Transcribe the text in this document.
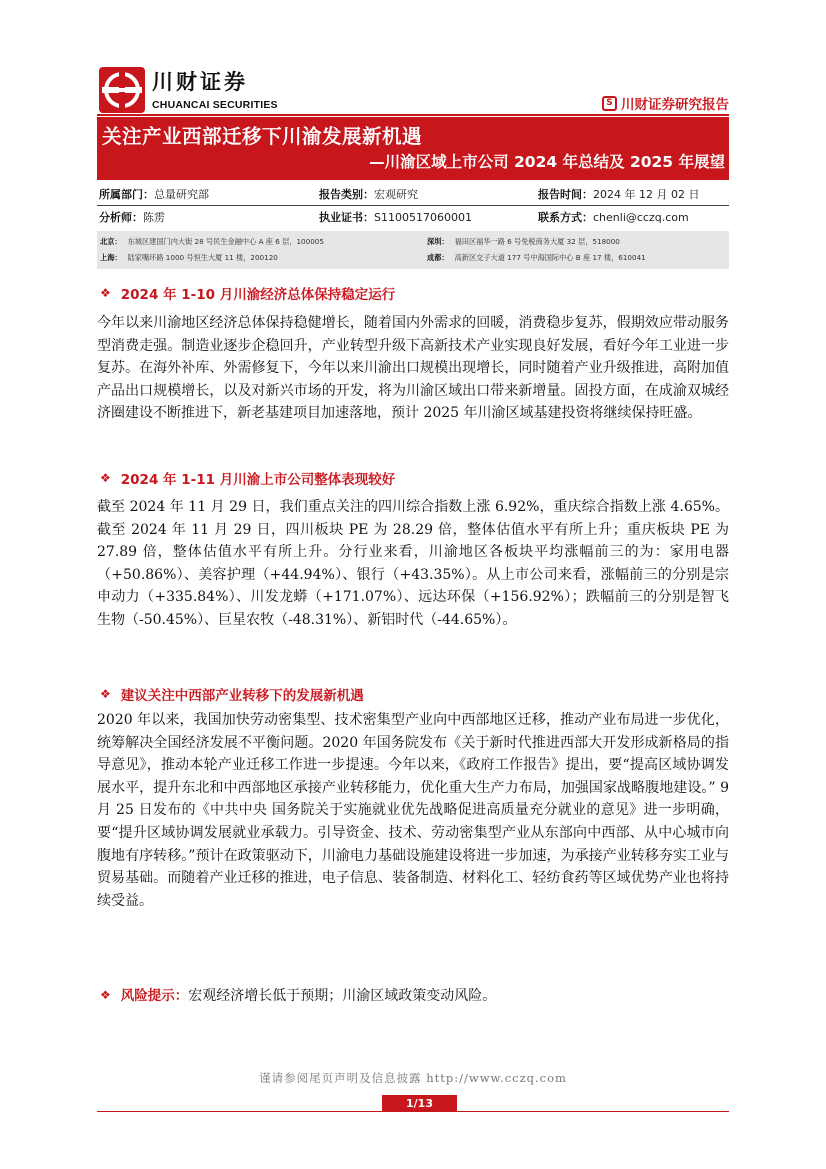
川财证券
CHUANCAI SECURITIES	S 川财证券研究报告
关注产业西部迁移下川渝发展新机遇
—川渝区域上市公司 2024 年总结及 2025 年展望
所属部门：总量研究部	报告类别：宏观研究	报告时间：2024 年 12 月 02 日
分析师：陈雳	执业证书：S1100517060001	联系方式：chenli@cczq.com
北京： 东城区建国门内大街 28 号民生金融中心 A 座 6 层，100005	深圳： 福田区福华一路 6 号免税商务大厦 32 层，518000
上海： 陆家嘴环路 1000 号恒生大厦 11 楼，200120	成都： 高新区交子大道 177 号中海国际中心 B 座 17 楼，610041
❖ 2024 年 1-10 月川渝经济总体保持稳定运行
今年以来川渝地区经济总体保持稳健增长，随着国内外需求的回暖，消费稳步复苏，假期效应带动服务型消费走强。制造业逐步企稳回升，产业转型升级下高新技术产业实现良好发展，看好今年工业进一步复苏。在海外补库、外需修复下，今年以来川渝出口规模出现增长，同时随着产业升级推进，高附加值产品出口规模增长，以及对新兴市场的开发，将为川渝区域出口带来新增量。固投方面，在成渝双城经济圈建设不断推进下，新老基建项目加速落地，预计 2025 年川渝区域基建投资将继续保持旺盛。
❖ 2024 年 1-11 月川渝上市公司整体表现较好
截至 2024 年 11 月 29 日，我们重点关注的四川综合指数上涨 6.92%，重庆综合指数上涨 4.65%。截至 2024 年 11 月 29 日，四川板块 PE 为 28.29 倍，整体估值水平有所上升；重庆板块 PE 为 27.89 倍，整体估值水平有所上升。分行业来看，川渝地区各板块平均涨幅前三的为：家用电器（+50.86%）、美容护理（+44.94%）、银行（+43.35%）。从上市公司来看，涨幅前三的分别是宗申动力（+335.84%）、川发龙蟒（+171.07%）、远达环保（+156.92%）；跌幅前三的分别是智飞生物（-50.45%）、巨星农牧（-48.31%）、新铝时代（-44.65%）。
❖ 建议关注中西部产业转移下的发展新机遇
2020 年以来，我国加快劳动密集型、技术密集型产业向中西部地区迁移，推动产业布局进一步优化，统筹解决全国经济发展不平衡问题。2020 年国务院发布《关于新时代推进西部大开发形成新格局的指导意见》，推动本轮产业迁移工作进一步提速。今年以来，《政府工作报告》提出，要“提高区域协调发展水平，提升东北和中西部地区承接产业转移能力，优化重大生产力布局，加强国家战略腹地建设。” 9 月 25 日发布的《中共中央 国务院关于实施就业优先战略促进高质量充分就业的意见》进一步明确，要“提升区域协调发展就业承载力。引导资金、技术、劳动密集型产业从东部向中西部、从中心城市向腹地有序转移。”预计在政策驱动下，川渝电力基础设施建设将进一步加速，为承接产业转移夯实工业与贸易基础。而随着产业迁移的推进，电子信息、装备制造、材料化工、轻纺食药等区域优势产业也将持续受益。
❖ 风险提示：宏观经济增长低于预期；川渝区域政策变动风险。
谨请参阅尾页声明及信息披露 http://www.cczq.com
1/13
